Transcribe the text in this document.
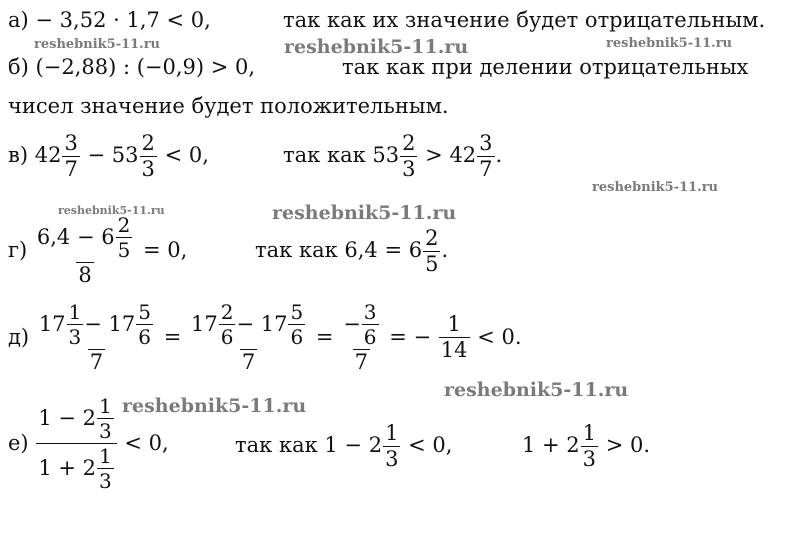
reshebnik5-11.ru	reshebnik5-11.ru	reshebnik5-11.ru
reshebnik5-11.ru
reshebnik5-11.ru	reshebnik5-11.ru
reshebnik5-11.ru
reshebnik5-11.ru
а) − 3,52 · 1,7 < 0,	так как их значение будет отрицательным.
б) (−2,88) : (−0,9) > 0,	так как при делении отрицательных
чисел значение будет положительным.
в) $42 \frac{3}{7} - 53 \frac{2}{3} < 0$,	так как $53 \frac{2}{3} > 42 \frac{3}{7}$ .
$г) \frac{6,4 - 6 \frac{2}{5}}{8} = 0$,	так как $6,4 = 6 \frac{2}{5}$ .
$д) \frac{17 \frac{1}{3} - 17 \frac{5}{6}}{7} = \frac{17 \frac{2}{6} - 17 \frac{5}{6}}{7} = \frac{- \frac{3}{6}}{7}$ = − $\frac{1}{14} < 0$.
$е) \frac{1 - 2 \frac{1}{3}}{1 + 2 \frac{1}{3}} < 0$,	так как $1 - 2 \frac{1}{3} < 0$,	$1 + 2 \frac{1}{3} > 0$.
